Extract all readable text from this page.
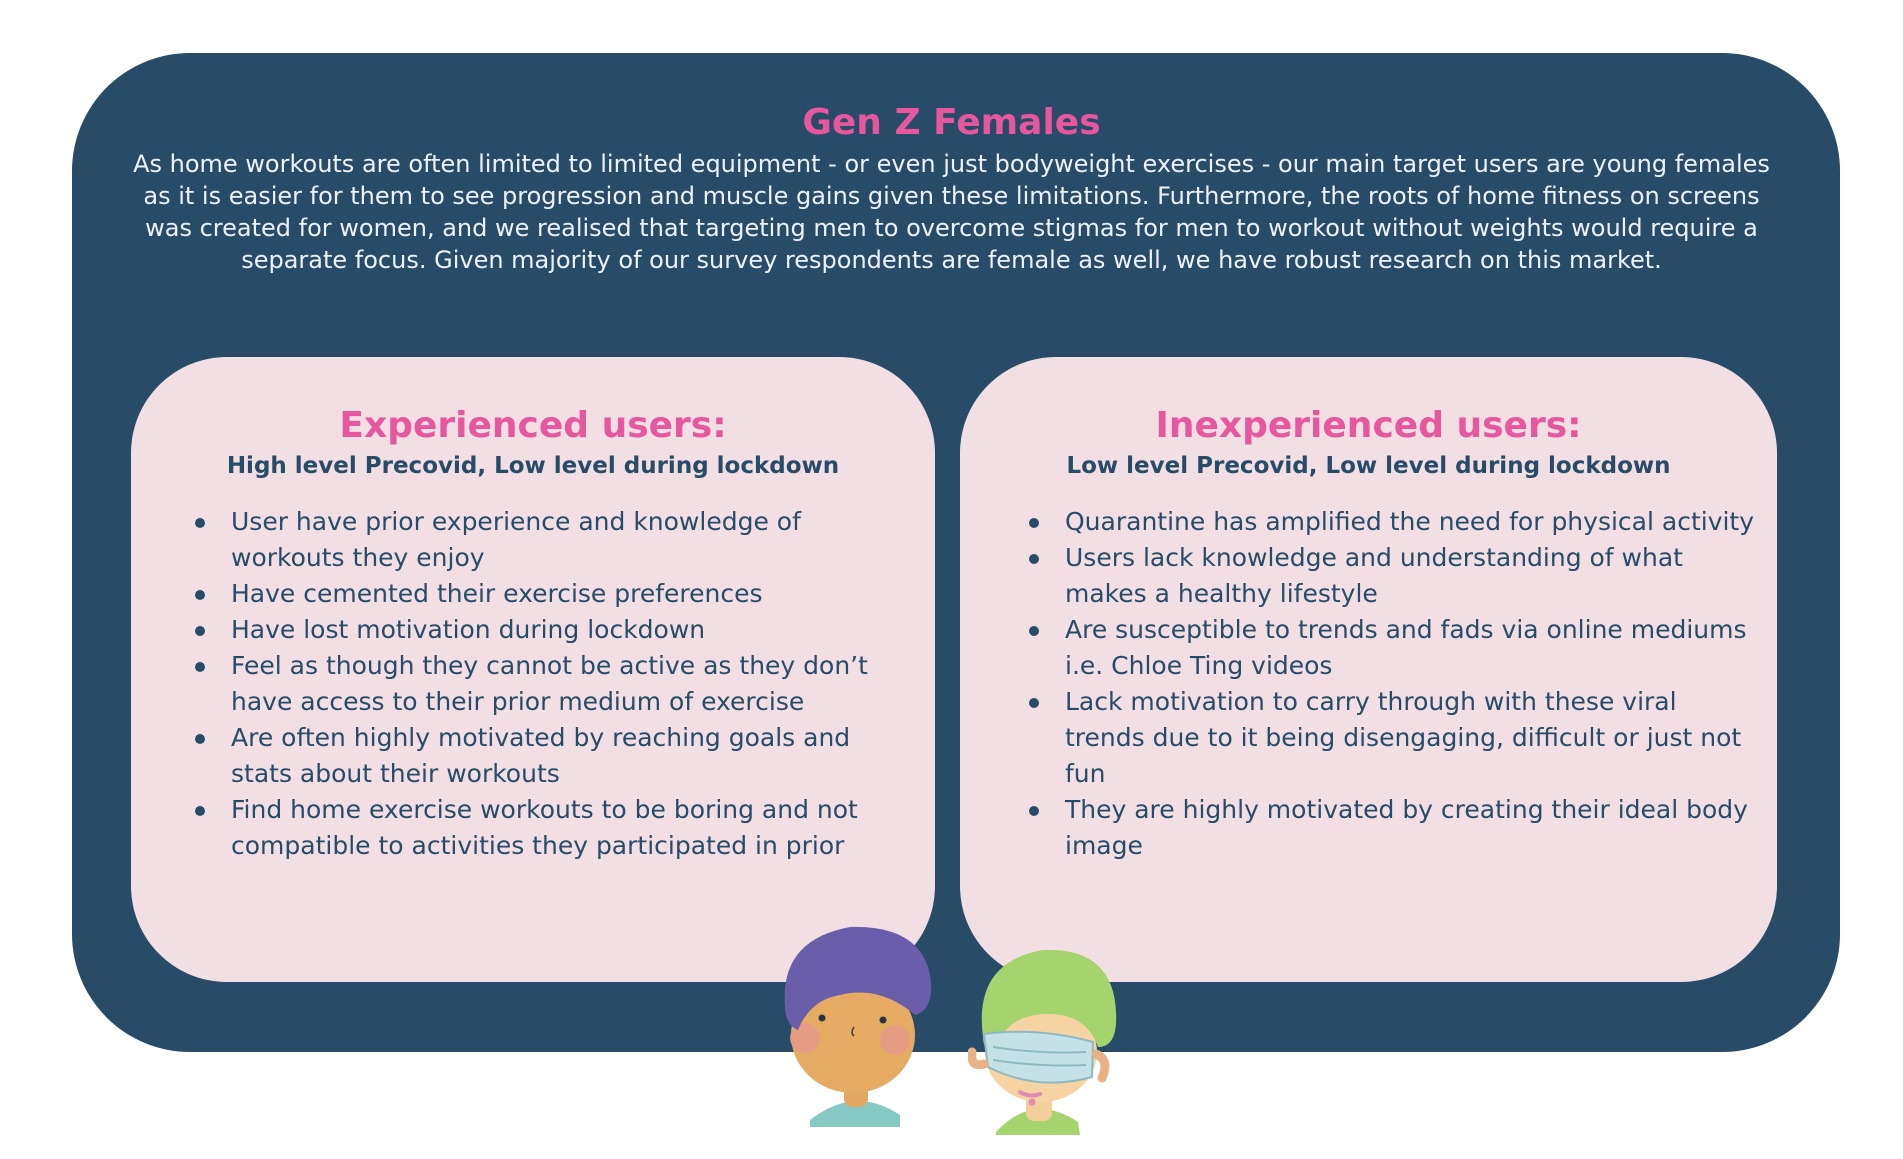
Gen Z Females

As home workouts are often limited to limited equipment - or even just bodyweight exercises - our main target users are young females as it is easier for them to see progression and muscle gains given these limitations. Furthermore, the roots of home fitness on screens was created for women, and we realised that targeting men to overcome stigmas for men to workout without weights would require a separate focus. Given majority of our survey respondents are female as well, we have robust research on this market.

Experienced users:

High level Precovid, Low level during lockdown

User have prior experience and knowledge of workouts they enjoy
Have cemented their exercise preferences
Have lost motivation during lockdown
Feel as though they cannot be active as they don’t have access to their prior medium of exercise
Are often highly motivated by reaching goals and stats about their workouts
Find home exercise workouts to be boring and not compatible to activities they participated in prior
Inexperienced users:

Low level Precovid, Low level during lockdown

Quarantine has amplified the need for physical activity
Users lack knowledge and understanding of what makes a healthy lifestyle
Are susceptible to trends and fads via online mediums i.e. Chloe Ting videos
Lack motivation to carry through with these viral trends due to it being disengaging, difficult or just not fun
They are highly motivated by creating their ideal body image
